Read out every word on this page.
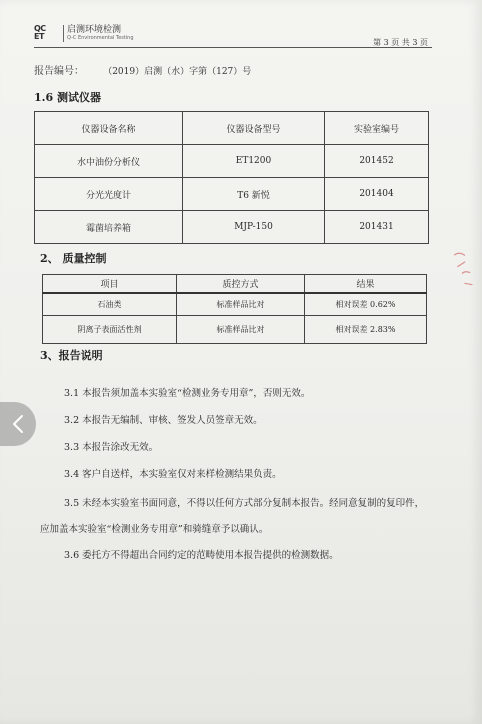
QC
ET
启测环境检测
Q-C Environmental Testing
第 3 页 共 3 页
报告编号： （2019）启测（水）字第（127）号
1.6 测试仪器
仪器设备名称	仪器设备型号	实验室编号
水中油份分析仪	ET1200	201452
分光光度计	T6 新悦	201404
霉菌培养箱	MJP-150	201431
2、 质量控制
项目	质控方式	结果
石油类	标准样品比对	相对误差 0.62%
阴离子表面活性剂	标准样品比对	相对误差 2.83%
3、报告说明

3.1 本报告须加盖本实验室“检测业务专用章”，否则无效。

3.2 本报告无编制、审核、签发人员签章无效。

3.3 本报告涂改无效。

3.4 客户自送样，本实验室仅对来样检测结果负责。

3.5 未经本实验室书面同意，不得以任何方式部分复制本报告。经同意复制的复印件，应加盖本实验室“检测业务专用章”和骑缝章予以确认。

3.6 委托方不得超出合同约定的范畴使用本报告提供的检测数据。
